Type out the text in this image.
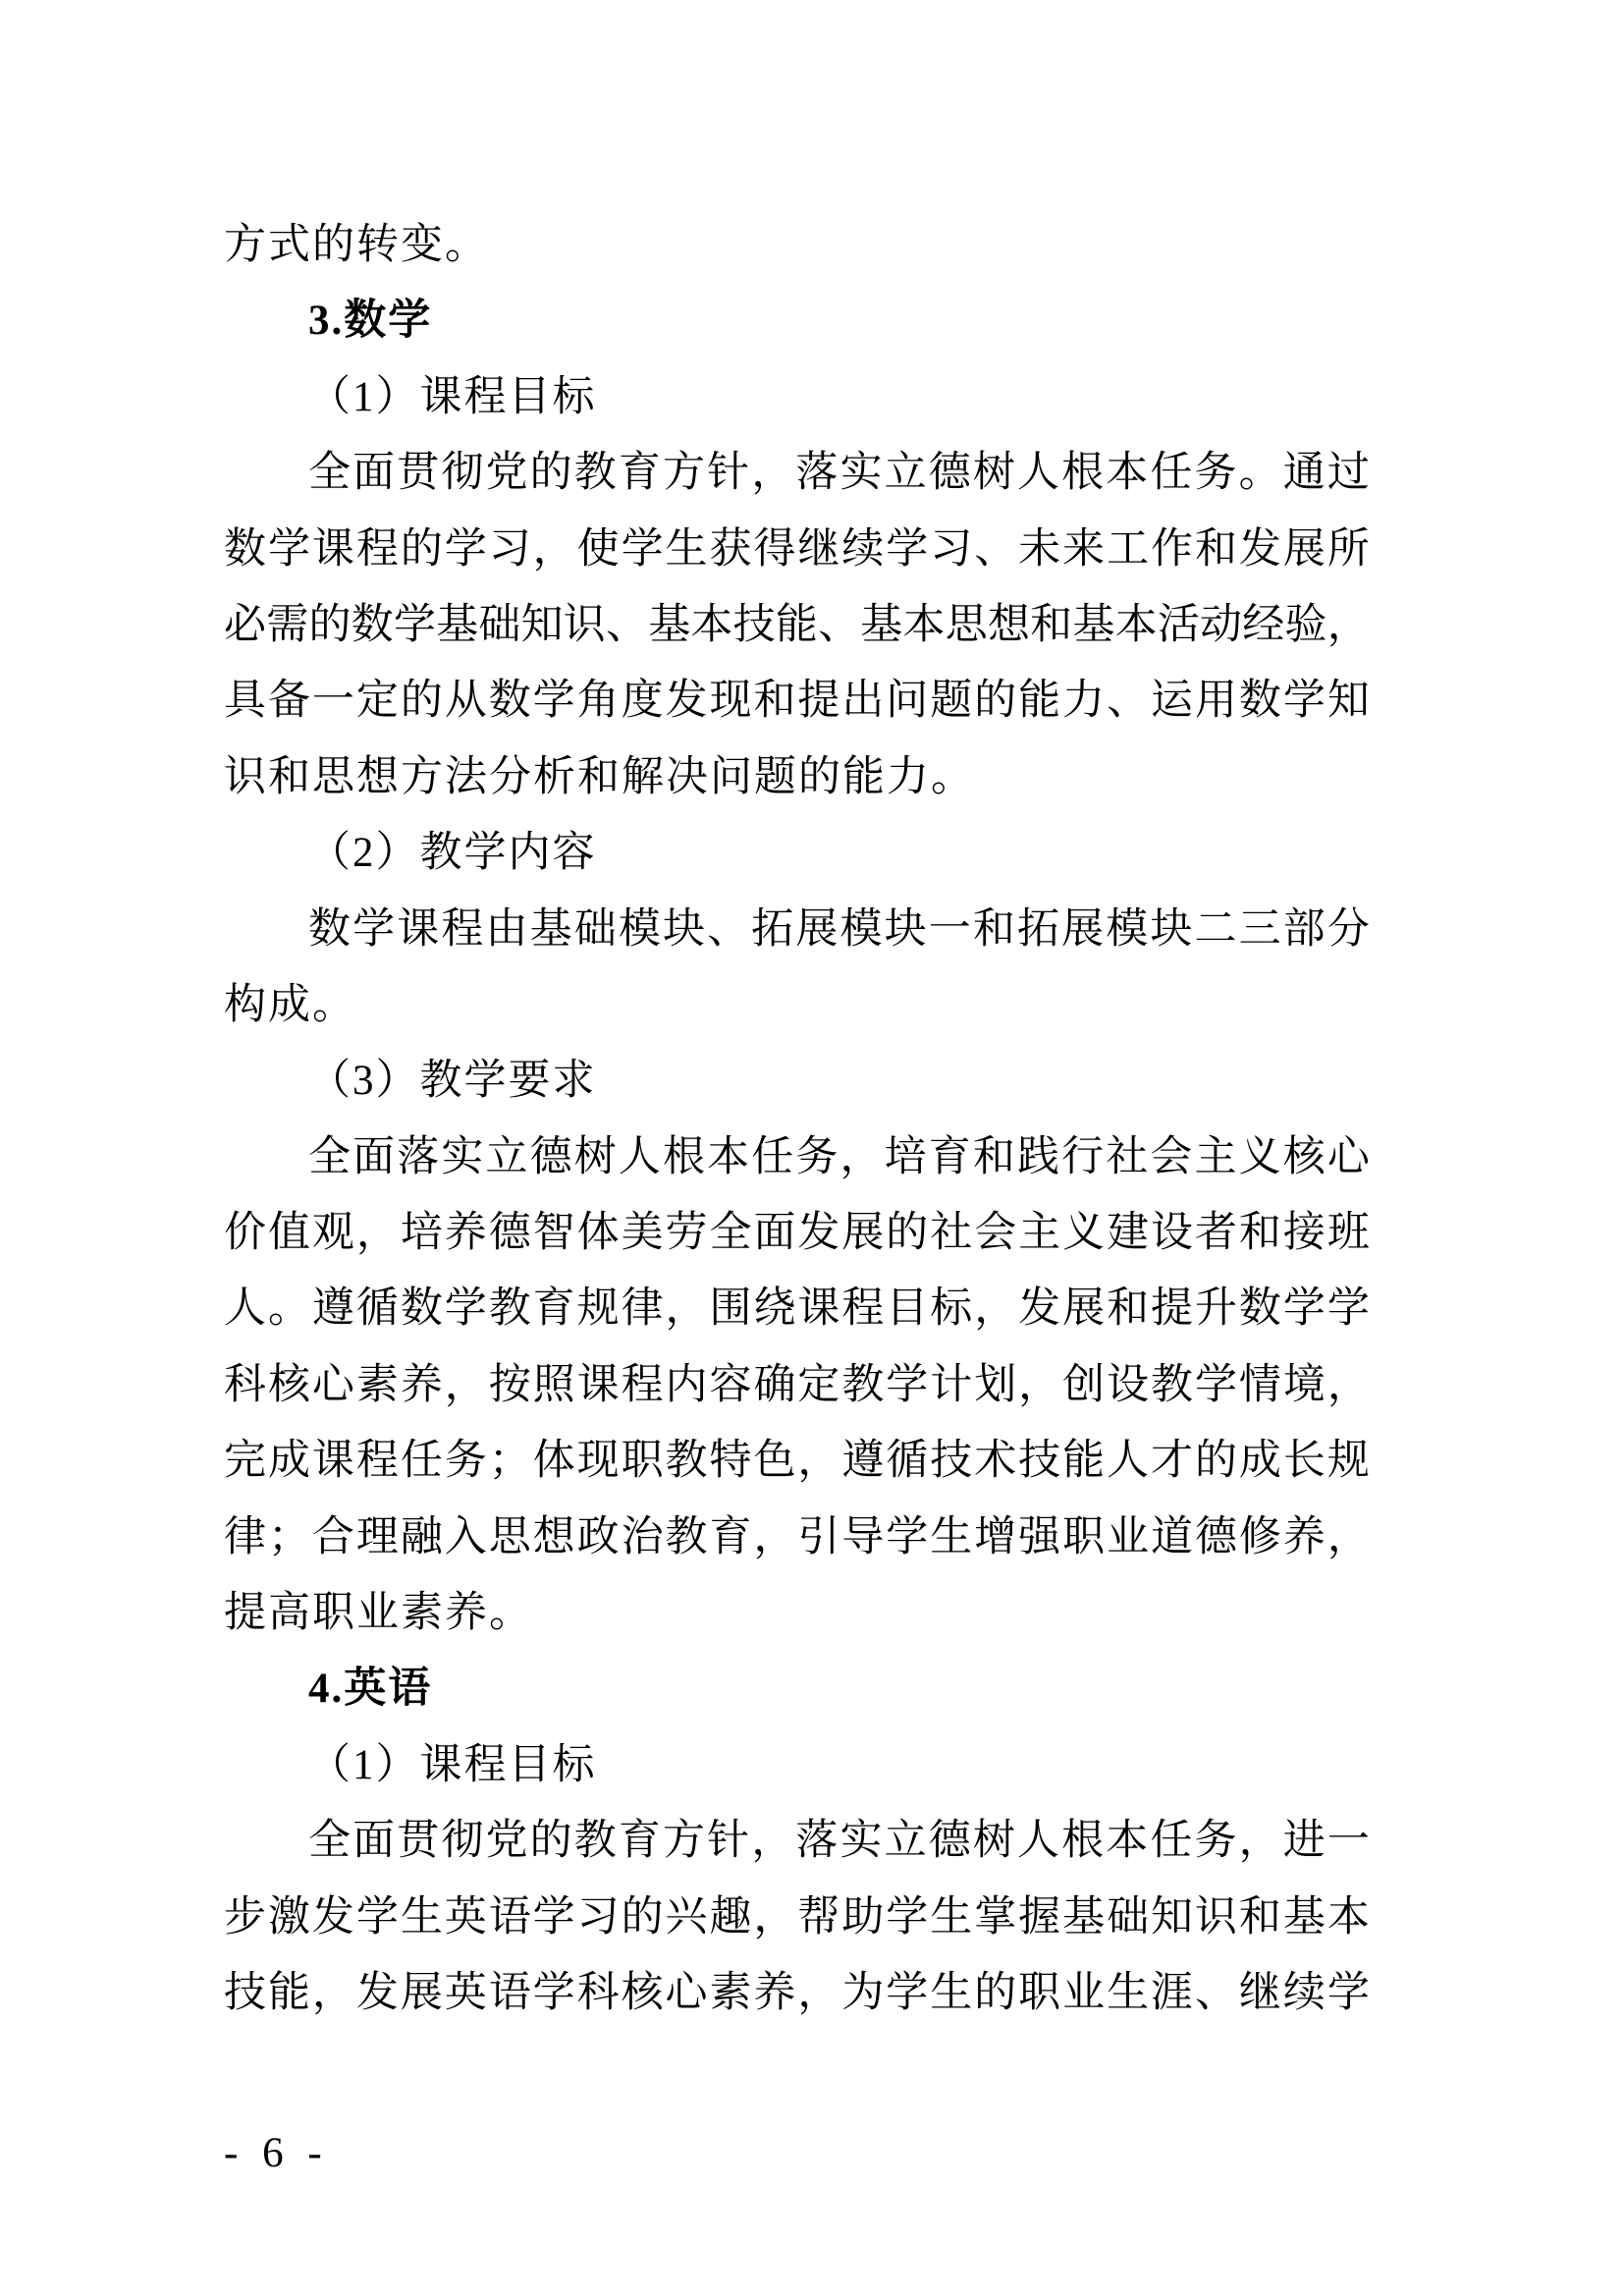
方式的转变。
3.数学
（1）课程目标
全 面 贯 彻 党 的 教 育 方 针 ， 落 实 立 德 树 人 根 本 任 务 。 通 过
数 学 课 程 的 学 习 ， 使 学 生 获 得 继 续 学 习 、 未 来 工 作 和 发 展 所
必 需 的 数 学 基 础 知 识 、 基 本 技 能 、 基 本 思 想 和 基 本 活 动 经 验 ，
具 备 一 定 的 从 数 学 角 度 发 现 和 提 出 问 题 的 能 力 、 运 用 数 学 知
识和思想方法分析和解决问题的能力。
（2）教学内容
数 学 课 程 由 基 础 模 块 、 拓 展 模 块 一 和 拓 展 模 块 二 三 部 分
构成。
（3）教学要求
全 面 落 实 立 德 树 人 根 本 任 务 ， 培 育 和 践 行 社 会 主 义 核 心
价 值 观 ， 培 养 德 智 体 美 劳 全 面 发 展 的 社 会 主 义 建 设 者 和 接 班
人 。 遵 循 数 学 教 育 规 律 ， 围 绕 课 程 目 标 ， 发 展 和 提 升 数 学 学
科 核 心 素 养 ， 按 照 课 程 内 容 确 定 教 学 计 划 ， 创 设 教 学 情 境 ，
完 成 课 程 任 务 ； 体 现 职 教 特 色 ， 遵 循 技 术 技 能 人 才 的 成 长 规
律 ； 合 理 融 入 思 想 政 治 教 育 ， 引 导 学 生 增 强 职 业 道 德 修 养 ，
提高职业素养。
4.英语
（1）课程目标
全 面 贯 彻 党 的 教 育 方 针 ， 落 实 立 德 树 人 根 本 任 务 ， 进 一
步 激 发 学 生 英 语 学 习 的 兴 趣 ， 帮 助 学 生 掌 握 基 础 知 识 和 基 本
技 能 ， 发 展 英 语 学 科 核 心 素 养 ， 为 学 生 的 职 业 生 涯 、 继 续 学
- 6 -
